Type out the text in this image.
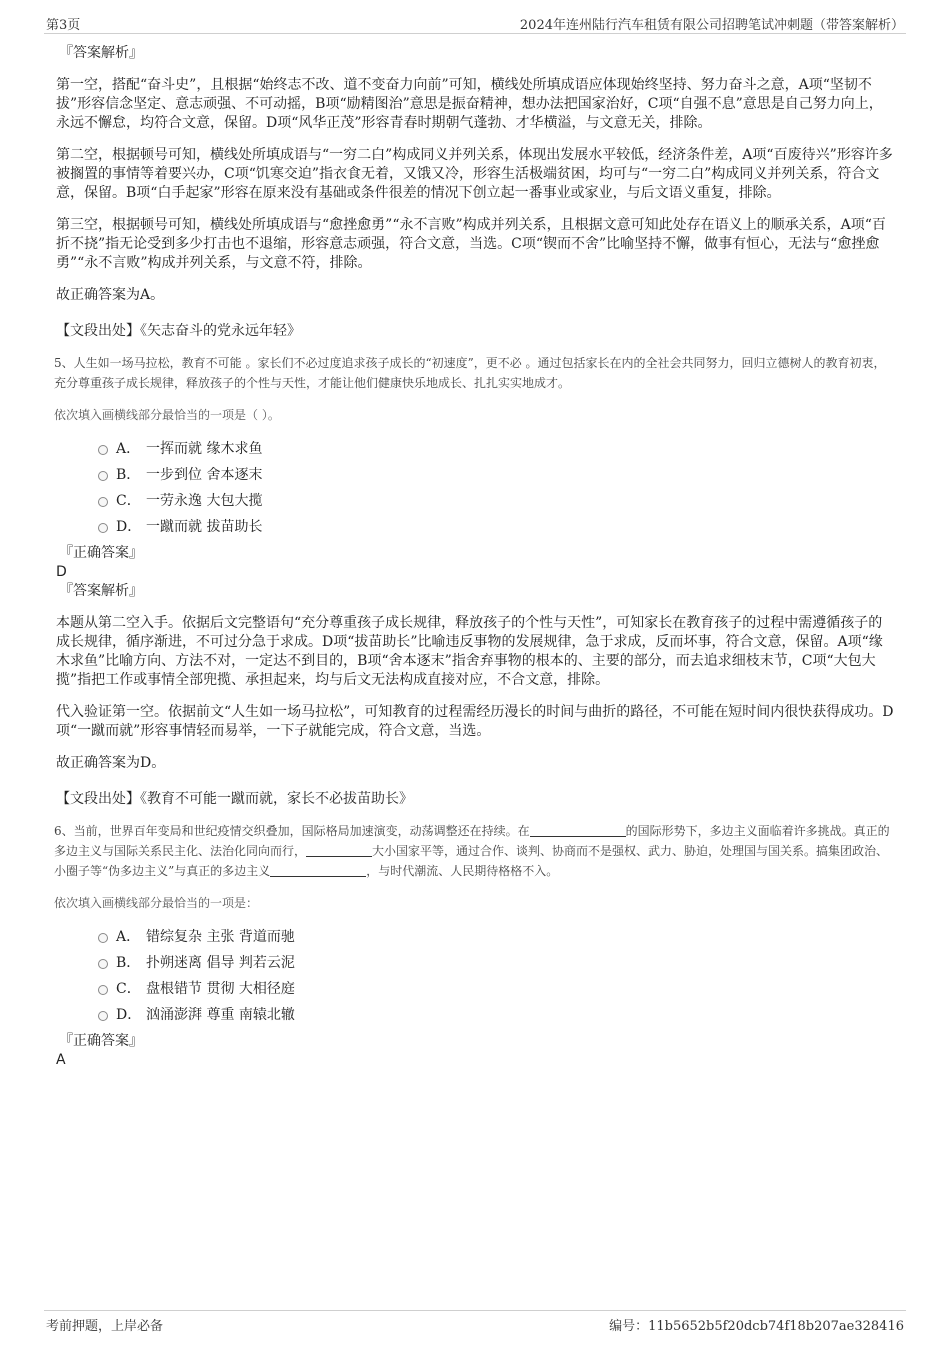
第3页	2024年连州陆行汽车租赁有限公司招聘笔试冲刺题（带答案解析）
『答案解析』
第一空，搭配“奋斗史”，且根据“始终志不改、道不变奋力向前”可知，横线处所填成语应体现始终坚持、努力奋斗之意，A项“坚韧不拔”形容信念坚定、意志顽强、不可动摇，B项“励精图治”意思是振奋精神，想办法把国家治好，C项“自强不息”意思是自己努力向上，永远不懈怠，均符合文意，保留。D项“风华正茂”形容青春时期朝气蓬勃、才华横溢，与文意无关，排除。
第二空，根据顿号可知，横线处所填成语与“一穷二白”构成同义并列关系，体现出发展水平较低，经济条件差，A项“百废待兴”形容许多被搁置的事情等着要兴办，C项“饥寒交迫”指衣食无着，又饿又冷，形容生活极端贫困，均可与“一穷二白”构成同义并列关系，符合文意，保留。B项“白手起家”形容在原来没有基础或条件很差的情况下创立起一番事业或家业，与后文语义重复，排除。
第三空，根据顿号可知，横线处所填成语与“愈挫愈勇”“永不言败”构成并列关系，且根据文意可知此处存在语义上的顺承关系，A项“百折不挠”指无论受到多少打击也不退缩，形容意志顽强，符合文意，当选。C项“锲而不舍”比喻坚持不懈，做事有恒心，无法与“愈挫愈勇”“永不言败”构成并列关系，与文意不符，排除。
故正确答案为A。
【文段出处】《矢志奋斗的党永远年轻》
5、人生如一场马拉松，教育不可能 。家长们不必过度追求孩子成长的“初速度”，更不必 。通过包括家长在内的全社会共同努力，回归立德树人的教育初衷，充分尊重孩子成长规律，释放孩子的个性与天性，才能让他们健康快乐地成长、扎扎实实地成才。
依次填入画横线部分最恰当的一项是（ ）。
A． 一挥而就 缘木求鱼
B． 一步到位 舍本逐末
C． 一劳永逸 大包大揽
D． 一蹴而就 拔苗助长
『正确答案』
D
『答案解析』
本题从第二空入手。依据后文完整语句“充分尊重孩子成长规律，释放孩子的个性与天性”，可知家长在教育孩子的过程中需遵循孩子的成长规律，循序渐进，不可过分急于求成。D项“拔苗助长”比喻违反事物的发展规律，急于求成，反而坏事，符合文意，保留。A项“缘木求鱼”比喻方向、方法不对，一定达不到目的，B项“舍本逐末”指舍弃事物的根本的、主要的部分，而去追求细枝末节，C项“大包大揽”指把工作或事情全部兜揽、承担起来，均与后文无法构成直接对应，不合文意，排除。
代入验证第一空。依据前文“人生如一场马拉松”，可知教育的过程需经历漫长的时间与曲折的路径，不可能在短时间内很快获得成功。D项“一蹴而就”形容事情轻而易举，一下子就能完成，符合文意，当选。
故正确答案为D。
【文段出处】《教育不可能一蹴而就，家长不必拔苗助长》
6、当前，世界百年变局和世纪疫情交织叠加，国际格局加速演变，动荡调整还在持续。在	的国际形势下，多边主义面临着许多挑战。真正的多边主义与国际关系民主化、法治化同向而行，	大小国家平等，通过合作、谈判、协商而不是强权、武力、胁迫，处理国与国关系。搞集团政治、小圈子等“伪多边主义”与真正的多边主义	，与时代潮流、人民期待格格不入。
依次填入画横线部分最恰当的一项是：
A． 错综复杂 主张 背道而驰
B． 扑朔迷离 倡导 判若云泥
C． 盘根错节 贯彻 大相径庭
D． 汹涌澎湃 尊重 南辕北辙
『正确答案』
A
考前押题，上岸必备	编号：11b5652b5f20dcb74f18b207ae328416
